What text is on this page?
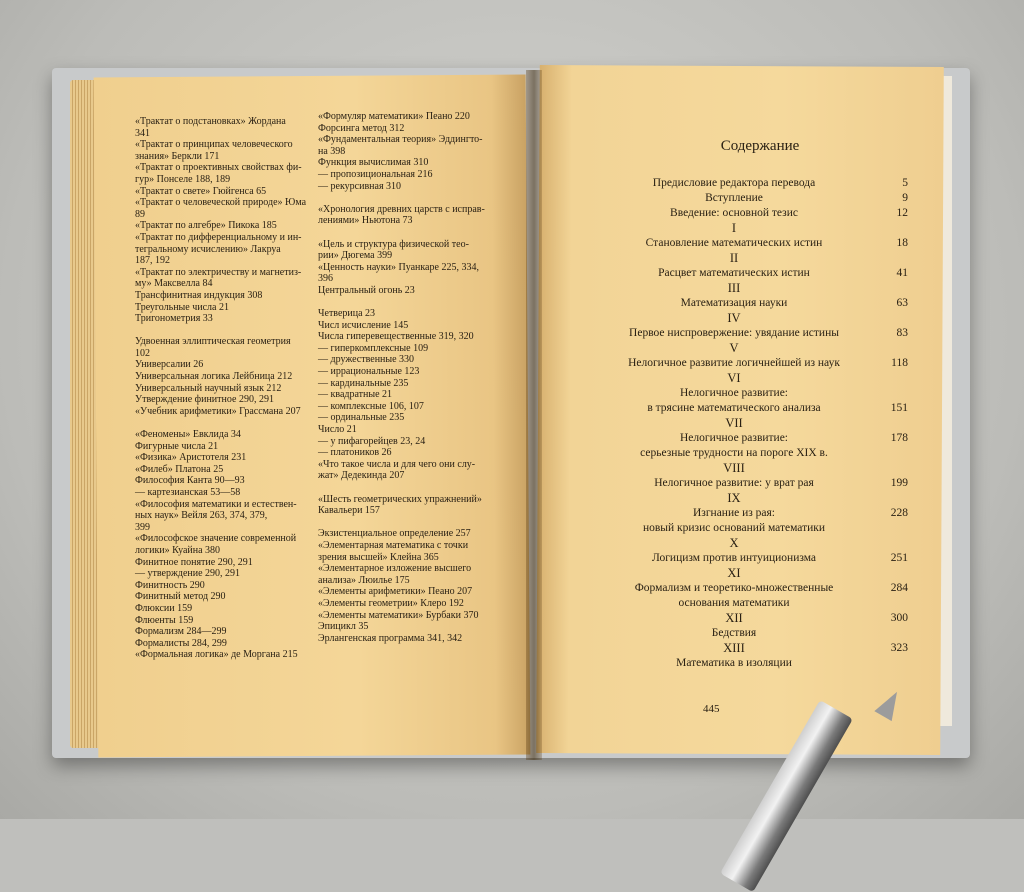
«Трактат о подстановках» Жордана
341
«Трактат о принципах человеческого
знания» Беркли 171
«Трактат о проективных свойствах фи-
гур» Понселе 188, 189
«Трактат о свете» Гюйгенса 65
«Трактат о человеческой природе» Юма
89
«Трактат по алгебре» Пикока 185
«Трактат по дифференциальному и ин-
тегральному исчислению» Лакруа
187, 192
«Трактат по электричеству и магнетиз-
му» Максвелла 84
Трансфинитная индукция 308
Треугольные числа 21
Тригонометрия 33
Удвоенная эллиптическая геометрия
102
Универсалии 26
Универсальная логика Лейбница 212
Универсальный научный язык 212
Утверждение финитное 290, 291
«Учебник арифметики» Грассмана 207
«Феномены» Евклида 34
Фигурные числа 21
«Физика» Аристотеля 231
«Филеб» Платона 25
Философия Канта 90—93
— картезианская 53—58
«Философия математики и естествен-
ных наук» Вейля 263, 374, 379,
399
«Философское значение современной
логики» Куайна 380
Финитное понятие 290, 291
— утверждение 290, 291
Финитность 290
Финитный метод 290
Флюксии 159
Флюенты 159
Формализм 284—299
Формалисты 284, 299
«Формальная логика» де Моргана 215
«Формуляр математики» Пеано 220
Форсинга метод 312
«Фундаментальная теория» Эддингто-
на 398
Функция вычислимая 310
— пропозициональная 216
— рекурсивная 310
«Хронология древних царств с исправ-
лениями» Ньютона 73
«Цель и структура физической тео-
рии» Дюгема 399
«Ценность науки» Пуанкаре 225, 334,
396
Центральный огонь 23
Четверица 23
Числ исчисление 145
Числа гиперевещественные 319, 320
— гиперкомплексные 109
— дружественные 330
— иррациональные 123
— кардинальные 235
— квадратные 21
— комплексные 106, 107
— ординальные 235
Число 21
— у пифагорейцев 23, 24
— платоников 26
«Что такое числа и для чего они слу-
жат» Дедекинда 207
«Шесть геометрических упражнений»
Кавальери 157
Экзистенциальное определение 257
«Элементарная математика с точки
зрения высшей» Клейна 365
«Элементарное изложение высшего
анализа» Люилье 175
«Элементы арифметики» Пеано 207
«Элементы геометрии» Клеро 192
«Элементы математики» Бурбаки 370
Эпицикл 35
Эрлангенская программа 341, 342
Содержание
Предисловие редактора перевода	5
Вступление	9
Введение: основной тезис	12
I
Становление математических истин	18
II
Расцвет математических истин	41
III
Математизация науки	63
IV
Первое ниспровержение: увядание истины	83
V
Нелогичное развитие логичнейшей из наук	118
VI
Нелогичное развитие:
в трясине математического анализа	151
VII
Нелогичное развитие:	178
серьезные трудности на пороге XIX в.
VIII
Нелогичное развитие: у врат рая	199
IX
Изгнание из рая:	228
новый кризис оснований математики
X
Логицизм против интуиционизма	251
XI
Формализм и теоретико-множественные	284
основания математики
XII	300
Бедствия
XIII	323
Математика в изоляции
445
